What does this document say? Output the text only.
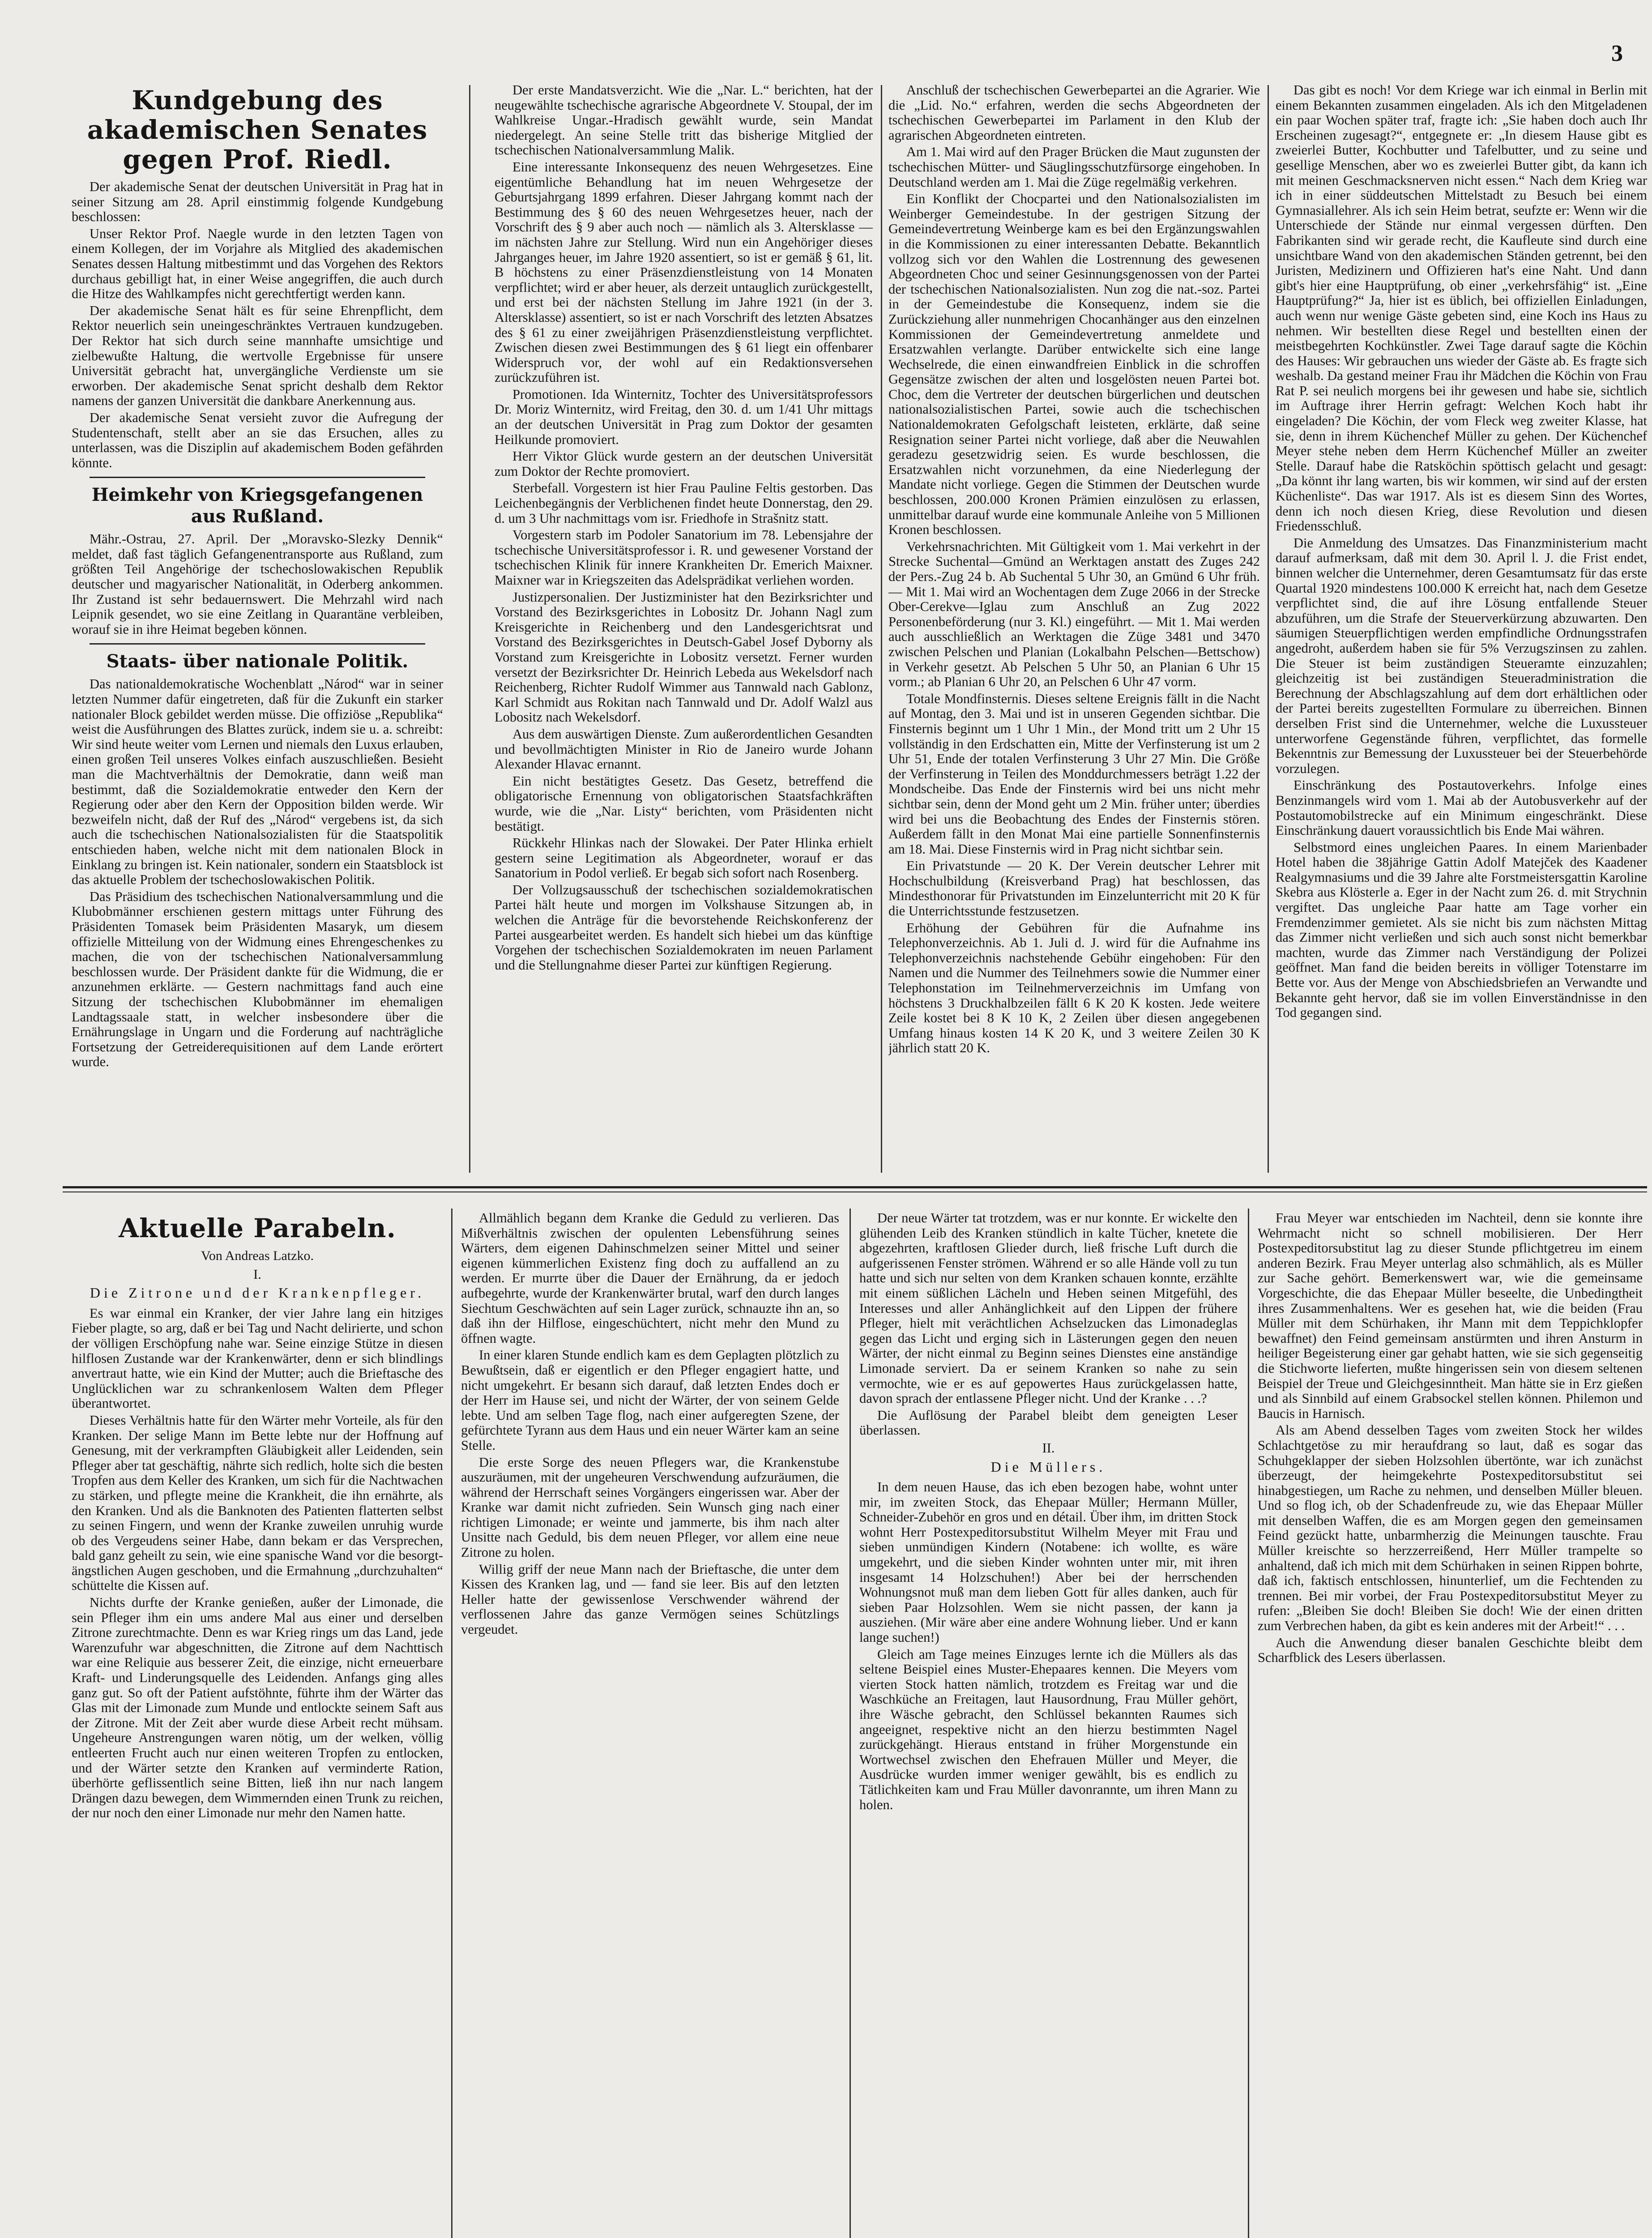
3
Kundgebung des akademischen Senates gegen Prof. Riedl.

Der akademische Senat der deutschen Universität in Prag hat in seiner Sitzung am 28. April einstimmig folgende Kundgebung beschlossen:

Unser Rektor Prof. Naegle wurde in den letzten Tagen von einem Kollegen, der im Vorjahre als Mitglied des akademischen Senates dessen Haltung mitbestimmt und das Vorgehen des Rektors durchaus gebilligt hat, in einer Weise angegriffen, die auch durch die Hitze des Wahlkampfes nicht gerechtfertigt werden kann.

Der akademische Senat hält es für seine Ehrenpflicht, dem Rektor neuerlich sein uneingeschränktes Vertrauen kundzugeben. Der Rektor hat sich durch seine mannhafte umsichtige und zielbewußte Haltung, die wertvolle Ergebnisse für unsere Universität gebracht hat, unvergängliche Verdienste um sie erworben. Der akademische Senat spricht deshalb dem Rektor namens der ganzen Universität die dankbare Anerkennung aus.

Der akademische Senat versieht zuvor die Aufregung der Studentenschaft, stellt aber an sie das Ersuchen, alles zu unterlassen, was die Disziplin auf akademischem Boden gefährden könnte.

Heimkehr von Kriegsgefangenen aus Rußland.

Mähr.-Ostrau, 27. April. Der „Moravsko-Slezky Dennik“ meldet, daß fast täglich Gefangenentransporte aus Rußland, zum größten Teil Angehörige der tschechoslowakischen Republik deutscher und magyarischer Nationalität, in Oderberg ankommen. Ihr Zustand ist sehr bedauernswert. Die Mehrzahl wird nach Leipnik gesendet, wo sie eine Zeitlang in Quarantäne verbleiben, worauf sie in ihre Heimat begeben können.

Staats- über nationale Politik.

Das nationaldemokratische Wochenblatt „Národ“ war in seiner letzten Nummer dafür eingetreten, daß für die Zukunft ein starker nationaler Block gebildet werden müsse. Die offiziöse „Republika“ weist die Ausführungen des Blattes zurück, indem sie u. a. schreibt: Wir sind heute weiter vom Lernen und niemals den Luxus erlauben, einen großen Teil unseres Volkes einfach auszuschließen. Besieht man die Machtverhältnis der Demokratie, dann weiß man bestimmt, daß die Sozialdemokratie entweder den Kern der Regierung oder aber den Kern der Opposition bilden werde. Wir bezweifeln nicht, daß der Ruf des „Národ“ vergebens ist, da sich auch die tschechischen Nationalsozialisten für die Staatspolitik entschieden haben, welche nicht mit dem nationalen Block in Einklang zu bringen ist. Kein nationaler, sondern ein Staatsblock ist das aktuelle Problem der tschechoslowakischen Politik.

Das Präsidium des tschechischen Nationalversammlung und die Klubobmänner erschienen gestern mittags unter Führung des Präsidenten Tomasek beim Präsidenten Masaryk, um diesem offizielle Mitteilung von der Widmung eines Ehrengeschenkes zu machen, die von der tschechischen Nationalversammlung beschlossen wurde. Der Präsident dankte für die Widmung, die er anzunehmen erklärte. — Gestern nachmittags fand auch eine Sitzung der tschechischen Klubobmänner im ehemaligen Landtagssaale statt, in welcher insbesondere über die Ernährungslage in Ungarn und die Forderung auf nachträgliche Fortsetzung der Getreiderequisitionen auf dem Lande erörtert wurde.

Der erste Mandatsverzicht. Wie die „Nar. L.“ berichten, hat der neugewählte tschechische agrarische Abgeordnete V. Stoupal, der im Wahlkreise Ungar.-Hradisch gewählt wurde, sein Mandat niedergelegt. An seine Stelle tritt das bisherige Mitglied der tschechischen Nationalversammlung Malik.

Eine interessante Inkonsequenz des neuen Wehrgesetzes. Eine eigentümliche Behandlung hat im neuen Wehrgesetze der Geburtsjahrgang 1899 erfahren. Dieser Jahrgang kommt nach der Bestimmung des § 60 des neuen Wehrgesetzes heuer, nach der Vorschrift des § 9 aber auch noch — nämlich als 3. Altersklasse — im nächsten Jahre zur Stellung. Wird nun ein Angehöriger dieses Jahrganges heuer, im Jahre 1920 assentiert, so ist er gemäß § 61, lit. B höchstens zu einer Präsenzdienstleistung von 14 Monaten verpflichtet; wird er aber heuer, als derzeit untauglich zurückgestellt, und erst bei der nächsten Stellung im Jahre 1921 (in der 3. Altersklasse) assentiert, so ist er nach Vorschrift des letzten Absatzes des § 61 zu einer zweijährigen Präsenzdienstleistung verpflichtet. Zwischen diesen zwei Bestimmungen des § 61 liegt ein offenbarer Widerspruch vor, der wohl auf ein Redaktionsversehen zurückzuführen ist.

Promotionen. Ida Winternitz, Tochter des Universitätsprofessors Dr. Moriz Winternitz, wird Freitag, den 30. d. um 1/41 Uhr mittags an der deutschen Universität in Prag zum Doktor der gesamten Heilkunde promoviert.

Herr Viktor Glück wurde gestern an der deutschen Universität zum Doktor der Rechte promoviert.

Sterbefall. Vorgestern ist hier Frau Pauline Feltis gestorben. Das Leichenbegängnis der Verblichenen findet heute Donnerstag, den 29. d. um 3 Uhr nachmittags vom isr. Friedhofe in Strašnitz statt.

Vorgestern starb im Podoler Sanatorium im 78. Lebensjahre der tschechische Universitätsprofessor i. R. und gewesener Vorstand der tschechischen Klinik für innere Krankheiten Dr. Emerich Maixner. Maixner war in Kriegszeiten das Adelsprädikat verliehen worden.

Justizpersonalien. Der Justizminister hat den Bezirksrichter und Vorstand des Bezirksgerichtes in Lobositz Dr. Johann Nagl zum Kreisgerichte in Reichenberg und den Landesgerichtsrat und Vorstand des Bezirksgerichtes in Deutsch-Gabel Josef Dyborny als Vorstand zum Kreisgerichte in Lobositz versetzt. Ferner wurden versetzt der Bezirksrichter Dr. Heinrich Lebeda aus Wekelsdorf nach Reichenberg, Richter Rudolf Wimmer aus Tannwald nach Gablonz, Karl Schmidt aus Rokitan nach Tannwald und Dr. Adolf Walzl aus Lobositz nach Wekelsdorf.

Aus dem auswärtigen Dienste. Zum außerordentlichen Gesandten und bevollmächtigten Minister in Rio de Janeiro wurde Johann Alexander Hlavac ernannt.

Ein nicht bestätigtes Gesetz. Das Gesetz, betreffend die obligatorische Ernennung von obligatorischen Staatsfachkräften wurde, wie die „Nar. Listy“ berichten, vom Präsidenten nicht bestätigt.

Rückkehr Hlinkas nach der Slowakei. Der Pater Hlinka erhielt gestern seine Legitimation als Abgeordneter, worauf er das Sanatorium in Podol verließ. Er begab sich sofort nach Rosenberg.

Der Vollzugsausschuß der tschechischen sozialdemokratischen Partei hält heute und morgen im Volkshause Sitzungen ab, in welchen die Anträge für die bevorstehende Reichskonferenz der Partei ausgearbeitet werden. Es handelt sich hiebei um das künftige Vorgehen der tschechischen Sozialdemokraten im neuen Parlament und die Stellungnahme dieser Partei zur künftigen Regierung.

Anschluß der tschechischen Gewerbepartei an die Agrarier. Wie die „Lid. No.“ erfahren, werden die sechs Abgeordneten der tschechischen Gewerbepartei im Parlament in den Klub der agrarischen Abgeordneten eintreten.

Am 1. Mai wird auf den Prager Brücken die Maut zugunsten der tschechischen Mütter- und Säuglingsschutzfürsorge eingehoben. In Deutschland werden am 1. Mai die Züge regelmäßig verkehren.

Ein Konflikt der Chocpartei und den Nationalsozialisten im Weinberger Gemeindestube. In der gestrigen Sitzung der Gemeindevertretung Weinberge kam es bei den Ergänzungswahlen in die Kommissionen zu einer interessanten Debatte. Bekanntlich vollzog sich vor den Wahlen die Lostrennung des gewesenen Abgeordneten Choc und seiner Gesinnungsgenossen von der Partei der tschechischen Nationalsozialisten. Nun zog die nat.-soz. Partei in der Gemeindestube die Konsequenz, indem sie die Zurückziehung aller nunmehrigen Chocanhänger aus den einzelnen Kommissionen der Gemeindevertretung anmeldete und Ersatzwahlen verlangte. Darüber entwickelte sich eine lange Wechselrede, die einen einwandfreien Einblick in die schroffen Gegensätze zwischen der alten und losgelösten neuen Partei bot. Choc, dem die Vertreter der deutschen bürgerlichen und deutschen nationalsozialistischen Partei, sowie auch die tschechischen Nationaldemokraten Gefolgschaft leisteten, erklärte, daß seine Resignation seiner Partei nicht vorliege, daß aber die Neuwahlen geradezu gesetzwidrig seien. Es wurde beschlossen, die Ersatzwahlen nicht vorzunehmen, da eine Niederlegung der Mandate nicht vorliege. Gegen die Stimmen der Deutschen wurde beschlossen, 200.000 Kronen Prämien einzulösen zu erlassen, unmittelbar darauf wurde eine kommunale Anleihe von 5 Millionen Kronen beschlossen.

Verkehrsnachrichten. Mit Gültigkeit vom 1. Mai verkehrt in der Strecke Suchental—Gmünd an Werktagen anstatt des Zuges 242 der Pers.-Zug 24 b. Ab Suchental 5 Uhr 30, an Gmünd 6 Uhr früh. — Mit 1. Mai wird an Wochentagen dem Zuge 2066 in der Strecke Ober-Cerekve—Iglau zum Anschluß an Zug 2022 Personenbeförderung (nur 3. Kl.) eingeführt. — Mit 1. Mai werden auch ausschließlich an Werktagen die Züge 3481 und 3470 zwischen Pelschen und Planian (Lokalbahn Pelschen—Bettschow) in Verkehr gesetzt. Ab Pelschen 5 Uhr 50, an Planian 6 Uhr 15 vorm.; ab Planian 6 Uhr 20, an Pelschen 6 Uhr 47 vorm.

Totale Mondfinsternis. Dieses seltene Ereignis fällt in die Nacht auf Montag, den 3. Mai und ist in unseren Gegenden sichtbar. Die Finsternis beginnt um 1 Uhr 1 Min., der Mond tritt um 2 Uhr 15 vollständig in den Erdschatten ein, Mitte der Verfinsterung ist um 2 Uhr 51, Ende der totalen Verfinsterung 3 Uhr 27 Min. Die Größe der Verfinsterung in Teilen des Monddurchmessers beträgt 1.22 der Mondscheibe. Das Ende der Finsternis wird bei uns nicht mehr sichtbar sein, denn der Mond geht um 2 Min. früher unter; überdies wird bei uns die Beobachtung des Endes der Finsternis stören. Außerdem fällt in den Monat Mai eine partielle Sonnenfinsternis am 18. Mai. Diese Finsternis wird in Prag nicht sichtbar sein.

Ein Privatstunde — 20 K. Der Verein deutscher Lehrer mit Hochschulbildung (Kreisverband Prag) hat beschlossen, das Mindesthonorar für Privatstunden im Einzelunterricht mit 20 K für die Unterrichtsstunde festzusetzen.

Erhöhung der Gebühren für die Aufnahme ins Telephonverzeichnis. Ab 1. Juli d. J. wird für die Aufnahme ins Telephonverzeichnis nachstehende Gebühr eingehoben: Für den Namen und die Nummer des Teilnehmers sowie die Nummer einer Telephonstation im Teilnehmerverzeichnis im Umfang von höchstens 3 Druckhalbzeilen fällt 6 K 20 K kosten. Jede weitere Zeile kostet bei 8 K 10 K, 2 Zeilen über diesen angegebenen Umfang hinaus kosten 14 K 20 K, und 3 weitere Zeilen 30 K jährlich statt 20 K.

Das gibt es noch! Vor dem Kriege war ich einmal in Berlin mit einem Bekannten zusammen eingeladen. Als ich den Mitgeladenen ein paar Wochen später traf, fragte ich: „Sie haben doch auch Ihr Erscheinen zugesagt?“, entgegnete er: „In diesem Hause gibt es zweierlei Butter, Kochbutter und Tafelbutter, und zu seine und gesellige Menschen, aber wo es zweierlei Butter gibt, da kann ich mit meinen Geschmacksnerven nicht essen.“ Nach dem Krieg war ich in einer süddeutschen Mittelstadt zu Besuch bei einem Gymnasiallehrer. Als ich sein Heim betrat, seufzte er: Wenn wir die Unterschiede der Stände nur einmal vergessen dürften. Den Fabrikanten sind wir gerade recht, die Kaufleute sind durch eine unsichtbare Wand von den akademischen Ständen getrennt, bei den Juristen, Medizinern und Offizieren hat's eine Naht. Und dann gibt's hier eine Hauptprüfung, ob einer „verkehrsfähig“ ist. „Eine Hauptprüfung?“ Ja, hier ist es üblich, bei offiziellen Einladungen, auch wenn nur wenige Gäste gebeten sind, eine Koch ins Haus zu nehmen. Wir bestellten diese Regel und bestellten einen der meistbegehrten Kochkünstler. Zwei Tage darauf sagte die Köchin des Hauses: Wir gebrauchen uns wieder der Gäste ab. Es fragte sich weshalb. Da gestand meiner Frau ihr Mädchen die Köchin von Frau Rat P. sei neulich morgens bei ihr gewesen und habe sie, sichtlich im Auftrage ihrer Herrin gefragt: Welchen Koch habt ihr eingeladen? Die Köchin, der vom Fleck weg zweiter Klasse, hat sie, denn in ihrem Küchenchef Müller zu gehen. Der Küchenchef Meyer stehe neben dem Herrn Küchenchef Müller an zweiter Stelle. Darauf habe die Ratsköchin spöttisch gelacht und gesagt: „Da könnt ihr lang warten, bis wir kommen, wir sind auf der ersten Küchenliste“. Das war 1917. Als ist es diesem Sinn des Wortes, denn ich noch diesen Krieg, diese Revolution und diesen Friedensschluß.

Die Anmeldung des Umsatzes. Das Finanzministerium macht darauf aufmerksam, daß mit dem 30. April l. J. die Frist endet, binnen welcher die Unternehmer, deren Gesamtumsatz für das erste Quartal 1920 mindestens 100.000 K erreicht hat, nach dem Gesetze verpflichtet sind, die auf ihre Lösung entfallende Steuer abzuführen, um die Strafe der Steuerverkürzung abzuwarten. Den säumigen Steuerpflichtigen werden empfindliche Ordnungsstrafen angedroht, außerdem haben sie für 5% Verzugszinsen zu zahlen. Die Steuer ist beim zuständigen Steueramte einzuzahlen; gleichzeitig ist bei zuständigen Steueradministration die Berechnung der Abschlagszahlung auf dem dort erhältlichen oder der Partei bereits zugestellten Formulare zu überreichen. Binnen derselben Frist sind die Unternehmer, welche die Luxussteuer unterworfene Gegenstände führen, verpflichtet, das formelle Bekenntnis zur Bemessung der Luxussteuer bei der Steuerbehörde vorzulegen.

Einschränkung des Postautoverkehrs. Infolge eines Benzinmangels wird vom 1. Mai ab der Autobusverkehr auf der Postautomobilstrecke auf ein Minimum eingeschränkt. Diese Einschränkung dauert voraussichtlich bis Ende Mai währen.

Selbstmord eines ungleichen Paares. In einem Marienbader Hotel haben die 38jährige Gattin Adolf Matejček des Kaadener Realgymnasiums und die 39 Jahre alte Forstmeistersgattin Karoline Skebra aus Klösterle a. Eger in der Nacht zum 26. d. mit Strychnin vergiftet. Das ungleiche Paar hatte am Tage vorher ein Fremdenzimmer gemietet. Als sie nicht bis zum nächsten Mittag das Zimmer nicht verließen und sich auch sonst nicht bemerkbar machten, wurde das Zimmer nach Verständigung der Polizei geöffnet. Man fand die beiden bereits in völliger Totenstarre im Bette vor. Aus der Menge von Abschiedsbriefen an Verwandte und Bekannte geht hervor, daß sie im vollen Einverständnisse in den Tod gegangen sind.

Aktuelle Parabeln.

Von Andreas Latzko.

I.

Die Zitrone und der Krankenpfleger.

Es war einmal ein Kranker, der vier Jahre lang ein hitziges Fieber plagte, so arg, daß er bei Tag und Nacht delirierte, und schon der völligen Erschöpfung nahe war. Seine einzige Stütze in diesen hilflosen Zustande war der Krankenwärter, denn er sich blindlings anvertraut hatte, wie ein Kind der Mutter; auch die Brieftasche des Unglücklichen war zu schrankenlosem Walten dem Pfleger überantwortet.

Dieses Verhältnis hatte für den Wärter mehr Vorteile, als für den Kranken. Der selige Mann im Bette lebte nur der Hoffnung auf Genesung, mit der verkrampften Gläubigkeit aller Leidenden, sein Pfleger aber tat geschäftig, nährte sich redlich, holte sich die besten Tropfen aus dem Keller des Kranken, um sich für die Nachtwachen zu stärken, und pflegte meine die Krankheit, die ihn ernährte, als den Kranken. Und als die Banknoten des Patienten flatterten selbst zu seinen Fingern, und wenn der Kranke zuweilen unruhig wurde ob des Vergeudens seiner Habe, dann bekam er das Versprechen, bald ganz geheilt zu sein, wie eine spanische Wand vor die besorgt-ängstlichen Augen geschoben, und die Ermahnung „durchzuhalten“ schüttelte die Kissen auf.

Nichts durfte der Kranke genießen, außer der Limonade, die sein Pfleger ihm ein ums andere Mal aus einer und derselben Zitrone zurechtmachte. Denn es war Krieg rings um das Land, jede Warenzufuhr war abgeschnitten, die Zitrone auf dem Nachttisch war eine Reliquie aus besserer Zeit, die einzige, nicht erneuerbare Kraft- und Linderungsquelle des Leidenden. Anfangs ging alles ganz gut. So oft der Patient aufstöhnte, führte ihm der Wärter das Glas mit der Limonade zum Munde und entlockte seinem Saft aus der Zitrone. Mit der Zeit aber wurde diese Arbeit recht mühsam. Ungeheure Anstrengungen waren nötig, um der welken, völlig entleerten Frucht auch nur einen weiteren Tropfen zu entlocken, und der Wärter setzte den Kranken auf verminderte Ration, überhörte geflissentlich seine Bitten, ließ ihn nur nach langem Drängen dazu bewegen, dem Wimmernden einen Trunk zu reichen, der nur noch den einer Limonade nur mehr den Namen hatte.

Allmählich begann dem Kranke die Geduld zu verlieren. Das Mißverhältnis zwischen der opulenten Lebensführung seines Wärters, dem eigenen Dahinschmelzen seiner Mittel und seiner eigenen kümmerlichen Existenz fing doch zu auffallend an zu werden. Er murrte über die Dauer der Ernährung, da er jedoch aufbegehrte, wurde der Krankenwärter brutal, warf den durch langes Siechtum Geschwächten auf sein Lager zurück, schnauzte ihn an, so daß ihn der Hilflose, eingeschüchtert, nicht mehr den Mund zu öffnen wagte.

In einer klaren Stunde endlich kam es dem Geplagten plötzlich zu Bewußtsein, daß er eigentlich er den Pfleger engagiert hatte, und nicht umgekehrt. Er besann sich darauf, daß letzten Endes doch er der Herr im Hause sei, und nicht der Wärter, der von seinem Gelde lebte. Und am selben Tage flog, nach einer aufgeregten Szene, der gefürchtete Tyrann aus dem Haus und ein neuer Wärter kam an seine Stelle.

Die erste Sorge des neuen Pflegers war, die Krankenstube auszuräumen, mit der ungeheuren Verschwendung aufzuräumen, die während der Herrschaft seines Vorgängers eingerissen war. Aber der Kranke war damit nicht zufrieden. Sein Wunsch ging nach einer richtigen Limonade; er weinte und jammerte, bis ihm nach alter Unsitte nach Geduld, bis dem neuen Pfleger, vor allem eine neue Zitrone zu holen.

Willig griff der neue Mann nach der Brieftasche, die unter dem Kissen des Kranken lag, und — fand sie leer. Bis auf den letzten Heller hatte der gewissenlose Verschwender während der verflossenen Jahre das ganze Vermögen seines Schützlings vergeudet.

Der neue Wärter tat trotzdem, was er nur konnte. Er wickelte den glühenden Leib des Kranken stündlich in kalte Tücher, knetete die abgezehrten, kraftlosen Glieder durch, ließ frische Luft durch die aufgerissenen Fenster strömen. Während er so alle Hände voll zu tun hatte und sich nur selten von dem Kranken schauen konnte, erzählte mit einem süßlichen Lächeln und Heben seinen Mitgefühl, des Interesses und aller Anhänglichkeit auf den Lippen der frühere Pfleger, hielt mit verächtlichen Achselzucken das Limonadeglas gegen das Licht und erging sich in Lästerungen gegen den neuen Wärter, der nicht einmal zu Beginn seines Dienstes eine anständige Limonade serviert. Da er seinem Kranken so nahe zu sein vermochte, wie er es auf gepowertes Haus zurückgelassen hatte, davon sprach der entlassene Pfleger nicht. Und der Kranke . . .?

Die Auflösung der Parabel bleibt dem geneigten Leser überlassen.

II.

Die Müllers.

In dem neuen Hause, das ich eben bezogen habe, wohnt unter mir, im zweiten Stock, das Ehepaar Müller; Hermann Müller, Schneider-Zubehör en gros und en détail. Über ihm, im dritten Stock wohnt Herr Postexpeditorsubstitut Wilhelm Meyer mit Frau und sieben unmündigen Kindern (Notabene: ich wollte, es wäre umgekehrt, und die sieben Kinder wohnten unter mir, mit ihren insgesamt 14 Holzschuhen!) Aber bei der herrschenden Wohnungsnot muß man dem lieben Gott für alles danken, auch für sieben Paar Holzsohlen. Wem sie nicht passen, der kann ja ausziehen. (Mir wäre aber eine andere Wohnung lieber. Und er kann lange suchen!)

Gleich am Tage meines Einzuges lernte ich die Müllers als das seltene Beispiel eines Muster-Ehepaares kennen. Die Meyers vom vierten Stock hatten nämlich, trotzdem es Freitag war und die Waschküche an Freitagen, laut Hausordnung, Frau Müller gehört, ihre Wäsche gebracht, den Schlüssel bekannten Raumes sich angeeignet, respektive nicht an den hierzu bestimmten Nagel zurückgehängt. Hieraus entstand in früher Morgenstunde ein Wortwechsel zwischen den Ehefrauen Müller und Meyer, die Ausdrücke wurden immer weniger gewählt, bis es endlich zu Tätlichkeiten kam und Frau Müller davonrannte, um ihren Mann zu holen.

Frau Meyer war entschieden im Nachteil, denn sie konnte ihre Wehrmacht nicht so schnell mobilisieren. Der Herr Postexpeditorsubstitut lag zu dieser Stunde pflichtgetreu im einem anderen Bezirk. Frau Meyer unterlag also schmählich, als es Müller zur Sache gehört. Bemerkenswert war, wie die gemeinsame Vorgeschichte, die das Ehepaar Müller beseelte, die Unbedingtheit ihres Zusammenhaltens. Wer es gesehen hat, wie die beiden (Frau Müller mit dem Schürhaken, ihr Mann mit dem Teppichklopfer bewaffnet) den Feind gemeinsam anstürmten und ihren Ansturm in heiliger Begeisterung einer gar gehabt hatten, wie sie sich gegenseitig die Stichworte lieferten, mußte hingerissen sein von diesem seltenen Beispiel der Treue und Gleichgesinntheit. Man hätte sie in Erz gießen und als Sinnbild auf einem Grabsockel stellen können. Philemon und Baucis in Harnisch.

Als am Abend desselben Tages vom zweiten Stock her wildes Schlachtgetöse zu mir heraufdrang so laut, daß es sogar das Schuhgeklapper der sieben Holzsohlen übertönte, war ich zunächst überzeugt, der heimgekehrte Postexpeditorsubstitut sei hinabgestiegen, um Rache zu nehmen, und denselben Müller bleuen. Und so flog ich, ob der Schadenfreude zu, wie das Ehepaar Müller mit denselben Waffen, die es am Morgen gegen den gemeinsamen Feind gezückt hatte, unbarmherzig die Meinungen tauschte. Frau Müller kreischte so herzzerreißend, Herr Müller trampelte so anhaltend, daß ich mich mit dem Schürhaken in seinen Rippen bohrte, daß ich, faktisch entschlossen, hinunterlief, um die Fechtenden zu trennen. Bei mir vorbei, der Frau Postexpeditorsubstitut Meyer zu rufen: „Bleiben Sie doch! Bleiben Sie doch! Wie der einen dritten zum Verbrechen haben, da gibt es kein anderes mit der Arbeit!“ . . .

Auch die Anwendung dieser banalen Geschichte bleibt dem Scharfblick des Lesers überlassen.
